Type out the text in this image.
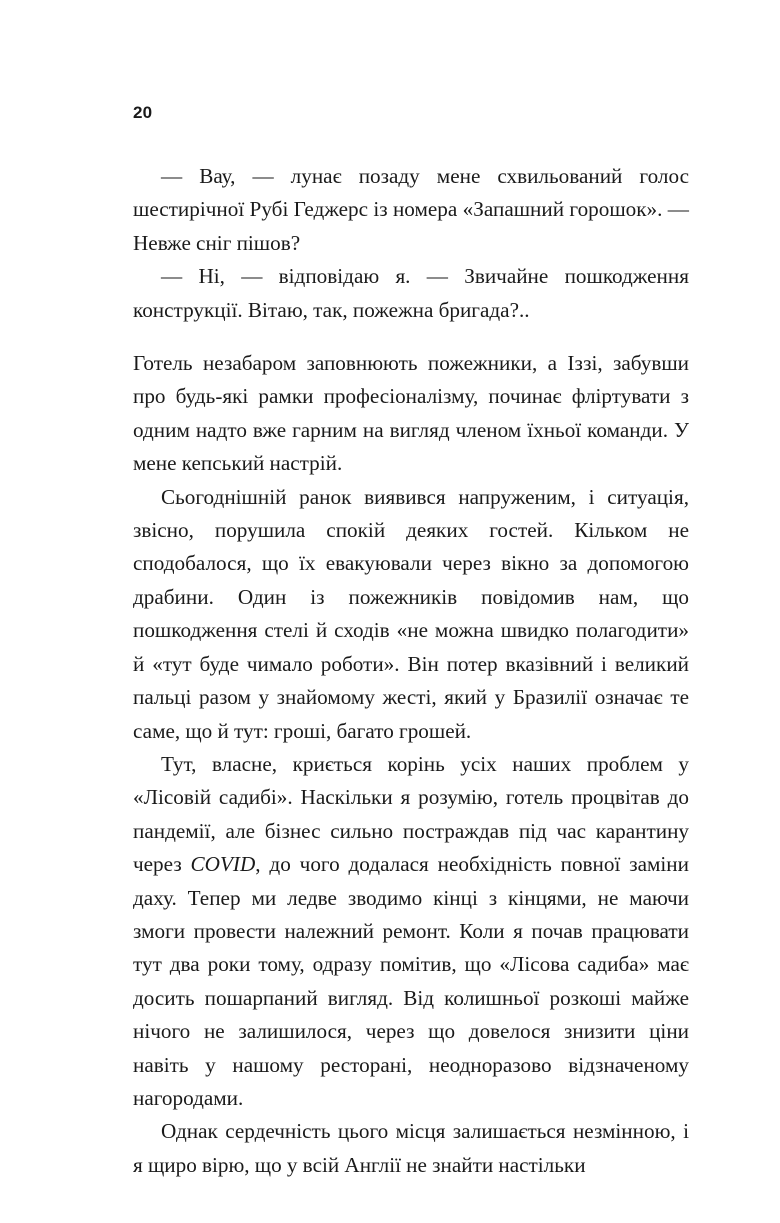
20

— Вау, — лунає позаду мене схвильований голос шестирічної Рубі Геджерс із номера «Запашний горошок». — Невже сніг пішов?

— Ні, — відповідаю я. — Звичайне пошкодження конструкції. Вітаю, так, пожежна бригада?..

Готель незабаром заповнюють пожежники, а Іззі, забувши про будь-які рамки професіоналізму, починає фліртувати з одним надто вже гарним на вигляд членом їхньої команди. У мене кепський настрій.

Сьогоднішній ранок виявився напруженим, і ситуація, звісно, порушила спокій деяких гостей. Кільком не сподобалося, що їх евакуювали через вікно за допомогою драбини. Один із пожежників повідомив нам, що пошкодження стелі й сходів «не можна швидко полагодити» й «тут буде чимало роботи». Він потер вказівний і великий пальці разом у знайомому жесті, який у Бразилії означає те саме, що й тут: гроші, багато грошей.

Тут, власне, криється корінь усіх наших проблем у «Лісовій садибі». Наскільки я розумію, готель процвітав до пандемії, але бізнес сильно постраждав під час карантину через COVID, до чого додалася необхідність повної заміни даху. Тепер ми ледве зводимо кінці з кінцями, не маючи змоги провести належний ремонт. Коли я почав працювати тут два роки тому, одразу помітив, що «Лісова садиба» має досить пошарпаний вигляд. Від колишньої розкоші майже нічого не залишилося, через що довелося знизити ціни навіть у нашому ресторані, неодноразово відзначеному нагородами.

Однак сердечність цього місця залишається незмінною, і я щиро вірю, що у всій Англії не знайти настільки
